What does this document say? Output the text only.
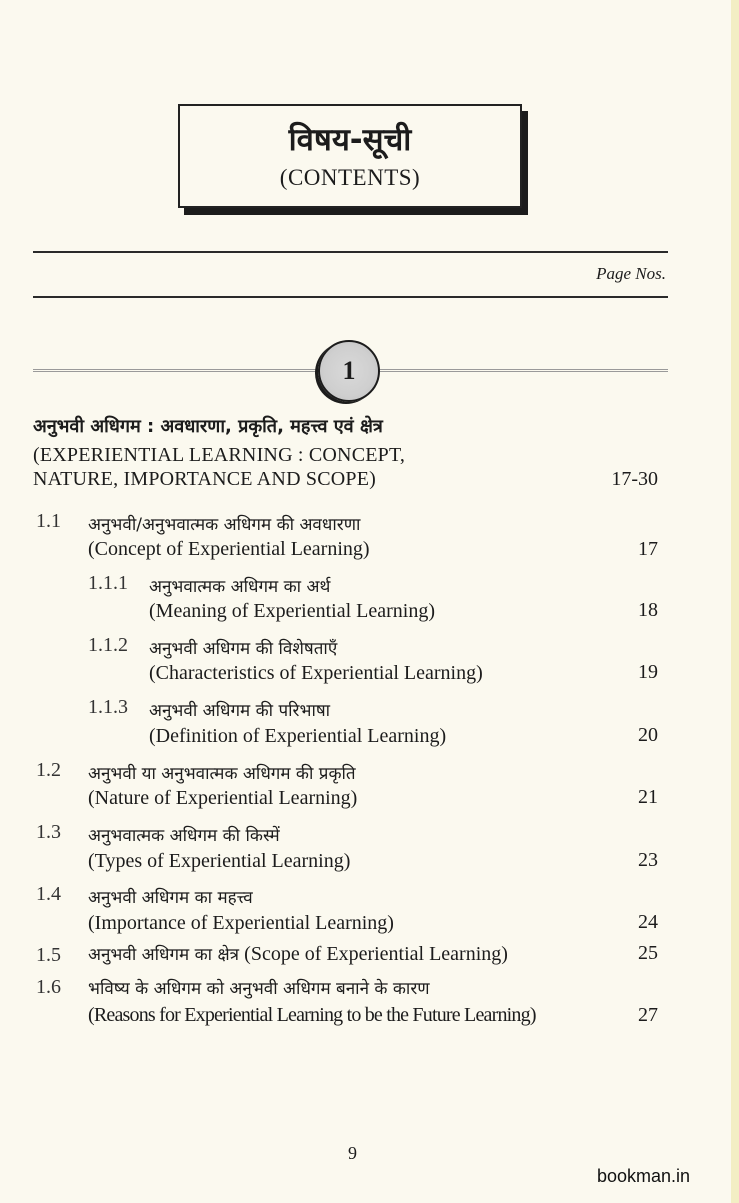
विषय-सूची
(CONTENTS)
Page Nos.
1
अनुभवी अधिगम : अवधारणा, प्रकृति, महत्त्व एवं क्षेत्र
(EXPERIENTIAL LEARNING : CONCEPT,
NATURE, IMPORTANCE AND SCOPE)	17-30
1.1 अनुभवी/अनुभवात्मक अधिगम की अवधारणा
(Concept of Experiential Learning)	17
1.1.1 अनुभवात्मक अधिगम का अर्थ
(Meaning of Experiential Learning)	18
1.1.2 अनुभवी अधिगम की विशेषताएँ
(Characteristics of Experiential Learning)	19
1.1.3 अनुभवी अधिगम की परिभाषा
(Definition of Experiential Learning)	20
1.2 अनुभवी या अनुभवात्मक अधिगम की प्रकृति
(Nature of Experiential Learning)	21
1.3 अनुभवात्मक अधिगम की किस्में
(Types of Experiential Learning)	23
1.4 अनुभवी अधिगम का महत्त्व
(Importance of Experiential Learning)	24
1.5 अनुभवी अधिगम का क्षेत्र (Scope of Experiential Learning)	25
1.6 भविष्य के अधिगम को अनुभवी अधिगम बनाने के कारण
(Reasons for Experiential Learning to be the Future Learning)	27
9
bookman.in
